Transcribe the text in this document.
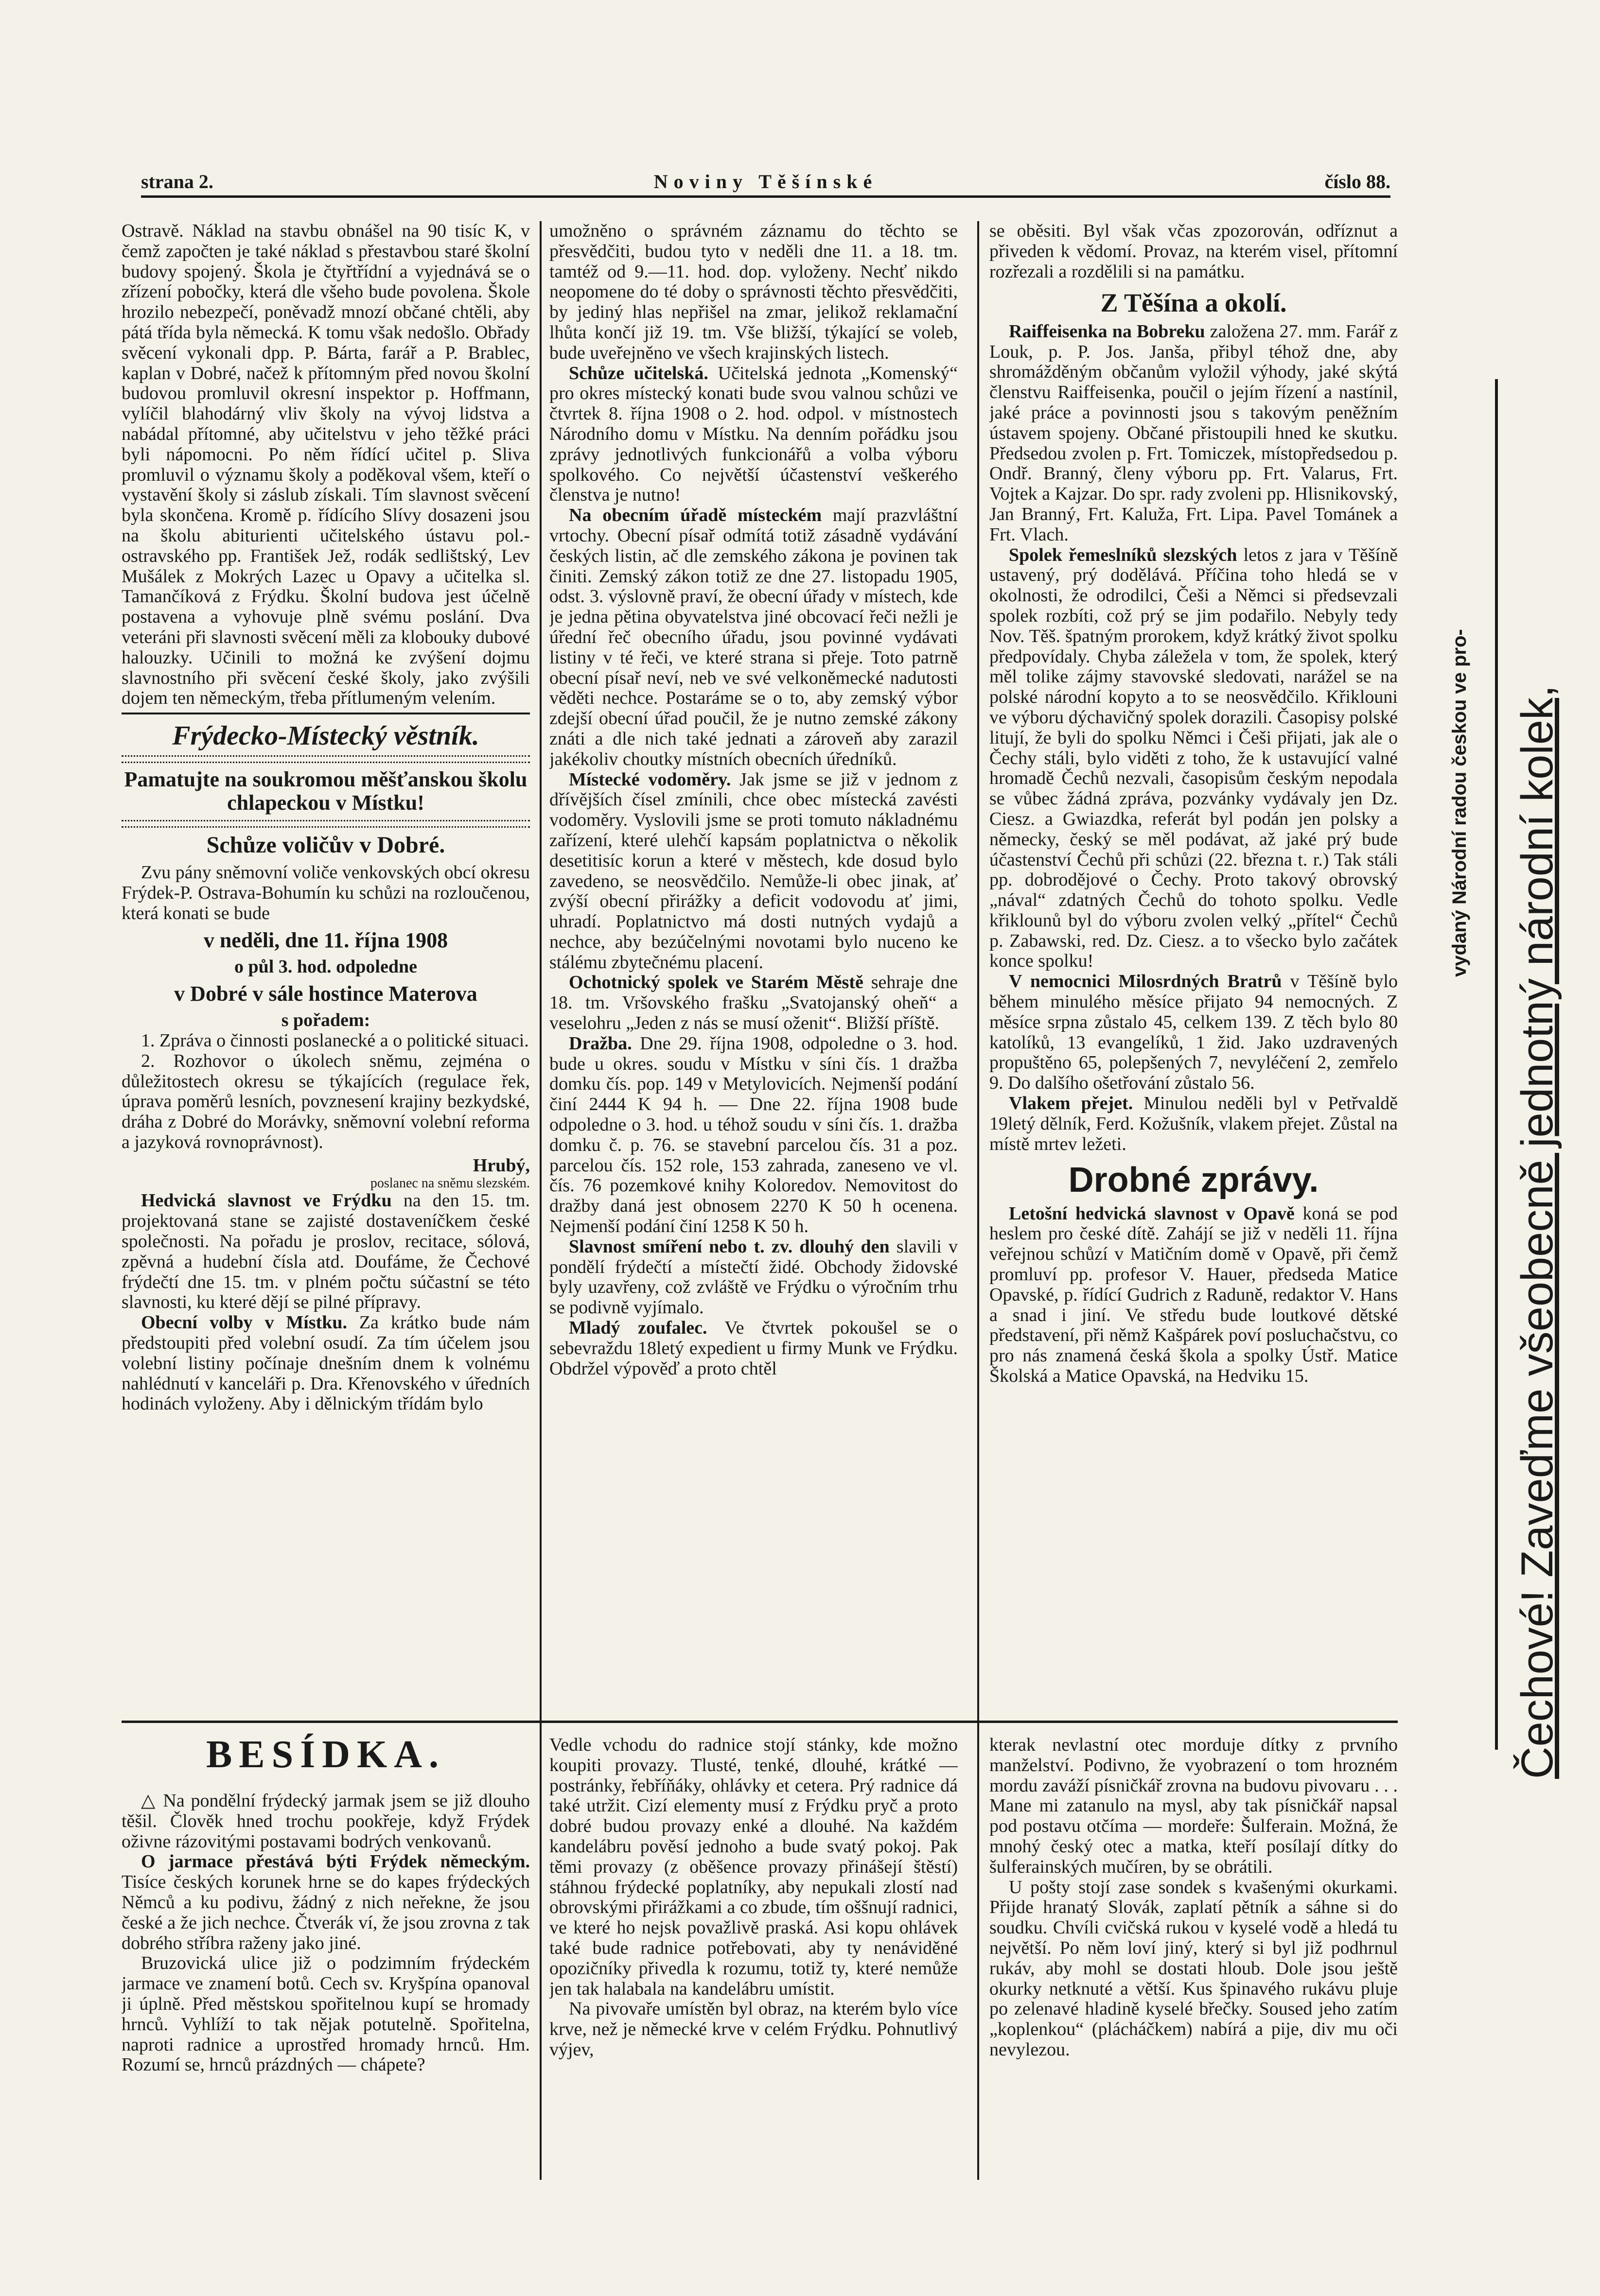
strana 2.	Noviny Těšínské	číslo 88.

Ostravě. Náklad na stavbu obnášel na 90 tisíc K, v čemž započten je také náklad s přestavbou staré školní budovy spojený. Škola je čtyřtřídní a vyjednává se o zřízení pobočky, která dle všeho bude povolena. Škole hrozilo nebezpečí, poněvadž mnozí občané chtěli, aby pátá třída byla německá. K tomu však nedošlo. Obřady svěcení vykonali dpp. P. Bárta, farář a P. Brablec, kaplan v Dobré, načež k přítomným před novou školní budovou promluvil okresní inspektor p. Hoffmann, vylíčil blahodárný vliv školy na vývoj lidstva a nabádal přítomné, aby učitelstvu v jeho těžké práci byli nápomocni. Po něm řídící učitel p. Sliva promluvil o významu školy a poděkoval všem, kteří o vystavění školy si záslub získali. Tím slavnost svěcení byla skončena. Kromě p. řídícího Slívy dosazeni jsou na školu abiturienti učitelského ústavu pol.-ostravského pp. František Jež, rodák sedlištský, Lev Mušálek z Mokrých Lazec u Opavy a učitelka sl. Tamančíková z Frýdku. Školní budova jest účelně postavena a vyhovuje plně svému poslání. Dva veteráni při slavnosti svěcení měli za klobouky dubové halouzky. Učinili to možná ke zvýšení dojmu slavnostního při svěcení české školy, jako zvýšili dojem ten německým, třeba přítlumeným velením.

Frýdecko-Místecký věstník.

Pamatujte na soukromou měšťanskou školu chlapeckou v Místku!

Schůze voličův v Dobré.

Zvu pány sněmovní voliče venkovských obcí okresu Frýdek-P. Ostrava-Bohumín ku schůzi na rozloučenou, která konati se bude

v neděli, dne 11. října 1908

o půl 3. hod. odpoledne

v Dobré v sále hostince Materova

s pořadem:

1. Zpráva o činnosti poslanecké a o politické situaci.

2. Rozhovor o úkolech sněmu, zejména o důležitostech okresu se týkajících (regulace řek, úprava poměrů lesních, povznesení krajiny bezkydské, dráha z Dobré do Morávky, sněmovní volební reforma a jazyková rovnoprávnost).

Hrubý,

poslanec na sněmu slezském.

Hedvická slavnost ve Frýdku na den 15. tm. projektovaná stane se zajisté dostaveníčkem české společnosti. Na pořadu je proslov, recitace, sólová, zpěvná a hudební čísla atd. Doufáme, že Čechové frýdečtí dne 15. tm. v plném počtu súčastní se této slavnosti, ku které dějí se pilné přípravy.

Obecní volby v Místku. Za krátko bude nám předstoupiti před volební osudí. Za tím účelem jsou volební listiny počínaje dnešním dnem k volnému nahlédnutí v kanceláři p. Dra. Křenovského v úředních hodinách vyloženy. Aby i dělnickým třídám bylo

umožněno o správném záznamu do těchto se přesvědčiti, budou tyto v neděli dne 11. a 18. tm. tamtéž od 9.—11. hod. dop. vyloženy. Nechť nikdo neopomene do té doby o správnosti těchto přesvědčiti, by jediný hlas nepřišel na zmar, jelikož reklamační lhůta končí již 19. tm. Vše bližší, týkající se voleb, bude uveřejněno ve všech krajinských listech.

Schůze učitelská. Učitelská jednota „Komenský“ pro okres místecký konati bude svou valnou schůzi ve čtvrtek 8. října 1908 o 2. hod. odpol. v místnostech Národního domu v Místku. Na denním pořádku jsou zprávy jednotlivých funkcionářů a volba výboru spolkového. Co největší účastenství veškerého členstva je nutno!

Na obecním úřadě místeckém mají prazvláštní vrtochy. Obecní písař odmítá totiž zásadně vydávání českých listin, ač dle zemského zákona je povinen tak činiti. Zemský zákon totiž ze dne 27. listopadu 1905, odst. 3. výslovně praví, že obecní úřady v místech, kde je jedna pětina obyvatelstva jiné obcovací řeči nežli je úřední řeč obecního úřadu, jsou povinné vydávati listiny v té řeči, ve které strana si přeje. Toto patrně obecní písař neví, neb ve své velkoněmecké nadutosti věděti nechce. Postaráme se o to, aby zemský výbor zdejší obecní úřad poučil, že je nutno zemské zákony znáti a dle nich také jednati a zároveň aby zarazil jakékoliv choutky místních obecních úředníků.

Místecké vodoměry. Jak jsme se již v jednom z dřívějších čísel zmínili, chce obec místecká zavésti vodoměry. Vyslovili jsme se proti tomuto nákladnému zařízení, které ulehčí kapsám poplatnictva o několik desetitisíc korun a které v městech, kde dosud bylo zavedeno, se neosvědčilo. Nemůže-li obec jinak, ať zvýší obecní přirážky a deficit vodovodu ať jimi, uhradí. Poplatnictvo má dosti nutných vydajů a nechce, aby bezúčelnými novotami bylo nuceno ke stálému zbytečnému placení.

Ochotnický spolek ve Starém Městě sehraje dne 18. tm. Vršovského frašku „Svatojanský oheň“ a veselohru „Jeden z nás se musí oženit“. Bližší příště.

Dražba. Dne 29. října 1908, odpoledne o 3. hod. bude u okres. soudu v Místku v síni čís. 1 dražba domku čís. pop. 149 v Metylovicích. Nejmenší podání činí 2444 K 94 h. — Dne 22. října 1908 bude odpoledne o 3. hod. u téhož soudu v síni čís. 1. dražba domku č. p. 76. se stavební parcelou čís. 31 a poz. parcelou čís. 152 role, 153 zahrada, zaneseno ve vl. čís. 76 pozemkové knihy Koloredov. Nemovitost do dražby daná jest obnosem 2270 K 50 h ocenena. Nejmenší podání činí 1258 K 50 h.

Slavnost smíření nebo t. zv. dlouhý den slavili v pondělí frýdečtí a místečtí židé. Obchody židovské byly uzavřeny, což zvláště ve Frýdku o výročním trhu se podivně vyjímalo.

Mladý zoufalec. Ve čtvrtek pokoušel se o sebevraždu 18letý expedient u firmy Munk ve Frýdku. Obdržel výpověď a proto chtěl

se oběsiti. Byl však včas zpozorován, odříznut a přiveden k vědomí. Provaz, na kterém visel, přítomní rozřezali a rozdělili si na památku.

Z Těšína a okolí.

Raiffeisenka na Bobreku založena 27. mm. Farář z Louk, p. P. Jos. Janša, přibyl téhož dne, aby shromážděným občanům vyložil výhody, jaké skýtá členstvu Raiffeisenka, poučil o jejím řízení a nastínil, jaké práce a povinnosti jsou s takovým peněžním ústavem spojeny. Občané přistoupili hned ke skutku. Předsedou zvolen p. Frt. Tomiczek, místopředsedou p. Ondř. Branný, členy výboru pp. Frt. Valarus, Frt. Vojtek a Kajzar. Do spr. rady zvoleni pp. Hlisnikovský, Jan Branný, Frt. Kaluža, Frt. Lipa. Pavel Tománek a Frt. Vlach.

Spolek řemeslníků slezských letos z jara v Těšíně ustavený, prý dodělává. Příčina toho hledá se v okolnosti, že odrodilci, Češi a Němci si předsevzali spolek rozbíti, což prý se jim podařilo. Nebyly tedy Nov. Těš. špatným prorokem, když krátký život spolku předpovídaly. Chyba záležela v tom, že spolek, který měl tolike zájmy stavovské sledovati, narážel se na polské národní kopyto a to se neosvědčilo. Křiklouni ve výboru dýchavičný spolek dorazili. Časopisy polské litují, že byli do spolku Němci i Češi přijati, jak ale o Čechy stáli, bylo viděti z toho, že k ustavující valné hromadě Čechů nezvali, časopisům českým nepodala se vůbec žádná zpráva, pozvánky vydávaly jen Dz. Ciesz. a Gwiazdka, referát byl podán jen polsky a německy, český se měl podávat, až jaké prý bude účastenství Čechů při schůzi (22. března t. r.) Tak stáli pp. dobrodějové o Čechy. Proto takový obrovský „nával“ zdatných Čechů do tohoto spolku. Vedle křiklounů byl do výboru zvolen velký „přítel“ Čechů p. Zabawski, red. Dz. Ciesz. a to všecko bylo začátek konce spolku!

V nemocnici Milosrdných Bratrů v Těšíně bylo během minulého měsíce přijato 94 nemocných. Z měsíce srpna zůstalo 45, celkem 139. Z těch bylo 80 katolíků, 13 evangelíků, 1 žid. Jako uzdravených propuštěno 65, polepšených 7, nevyléčení 2, zemřelo 9. Do dalšího ošetřování zůstalo 56.

Vlakem přejet. Minulou neděli byl v Petřvaldě 19letý dělník, Ferd. Kožušník, vlakem přejet. Zůstal na místě mrtev ležeti.

Drobné zprávy.

Letošní hedvická slavnost v Opavě koná se pod heslem pro české dítě. Zahájí se již v neděli 11. října veřejnou schůzí v Matičním domě v Opavě, při čemž promluví pp. profesor V. Hauer, předseda Matice Opavské, p. řídící Gudrich z Raduně, redaktor V. Hans a snad i jiní. Ve středu bude loutkové dětské představení, při němž Kašpárek poví posluchačstvu, co pro nás znamená česká škola a spolky Ústř. Matice Školská a Matice Opavská, na Hedviku 15.

BESÍDKA.

△ Na pondělní frýdecký jarmak jsem se již dlouho těšil. Člověk hned trochu pookřeje, když Frýdek oživne rázovitými postavami bodrých venkovanů.

O jarmace přestává býti Frýdek německým. Tisíce českých korunek hrne se do kapes frýdeckých Němců a ku podivu, žádný z nich neřekne, že jsou české a že jich nechce. Čtverák ví, že jsou zrovna z tak dobrého stříbra raženy jako jiné.

Bruzovická ulice již o podzimním frýdeckém jarmace ve znamení botů. Cech sv. Kryšpína opanoval ji úplně. Před městskou spořitelnou kupí se hromady hrnců. Vyhlíží to tak nějak potutelně. Spořitelna, naproti radnice a uprostřed hromady hrnců. Hm. Rozumí se, hrnců prázdných — chápete?

Vedle vchodu do radnice stojí stánky, kde možno koupiti provazy. Tlusté, tenké, dlouhé, krátké — postránky, řebříňáky, ohlávky et cetera. Prý radnice dá také utržit. Cizí elementy musí z Frýdku pryč a proto dobré budou provazy enké a dlouhé. Na každém kandelábru pověsí jednoho a bude svatý pokoj. Pak těmi provazy (z oběšence provazy přinášejí štěstí) stáhnou frýdecké poplatníky, aby nepukali zlostí nad obrovskými přirážkami a co zbude, tím oššnují radnici, ve které ho nejsk považlivě praská. Asi kopu ohlávek také bude radnice potřebovati, aby ty nenáviděné opozičníky přivedla k rozumu, totiž ty, které nemůže jen tak halabala na kandelábru umístit.

Na pivovaře umístěn byl obraz, na kterém bylo více krve, než je německé krve v celém Frýdku. Pohnutlivý výjev,

kterak nevlastní otec morduje dítky z prvního manželství. Podivno, že vyobrazení o tom hrozném mordu zaváží písničkář zrovna na budovu pivovaru . . . Mane mi zatanulo na mysl, aby tak písničkář napsal pod postavu otčíma — mordeře: Šulferain. Možná, že mnohý český otec a matka, kteří posílají dítky do šulferainských mučíren, by se obrátili.

U pošty stojí zase sondek s kvašenými okurkami. Přijde hranatý Slovák, zaplatí pětník a sáhne si do soudku. Chvíli cvičská rukou v kyselé vodě a hledá tu největší. Po něm loví jiný, který si byl již podhrnul rukáv, aby mohl se dostati hloub. Dole jsou ještě okurky netknuté a větší. Kus špinavého rukávu pluje po zelenavé hladině kyselé břečky. Soused jeho zatím „koplenkou“ (plácháčkem) nabírá a pije, div mu oči nevylezou.

Čechové! Zaveďme všeobecně jednotný národní kolek,
vydaný Národní radou českou ve pro-
